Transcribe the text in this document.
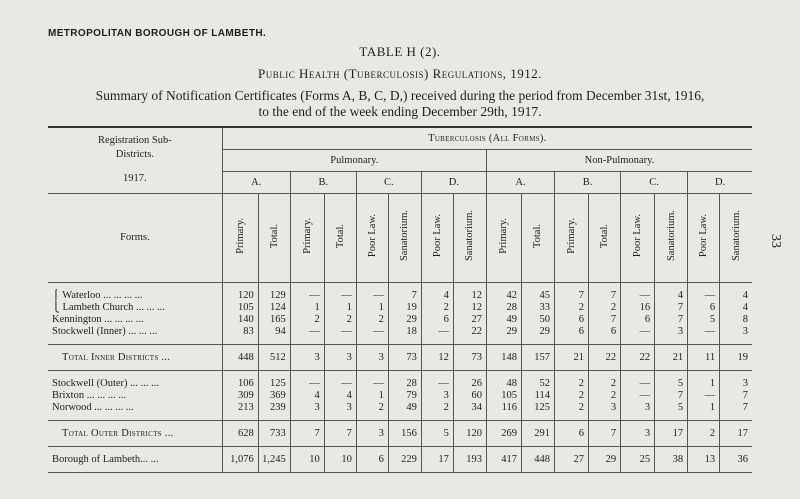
METROPOLITAN BOROUGH OF LAMBETH.
TABLE H (2).
Public Health (Tuberculosis) Regulations, 1912.
Summary of Notification Certificates (Forms A, B, C, D,) received during the period from December 31st, 1916,
to the end of the week ending December 29th, 1917.
33
Registration Sub-Districts.
1917.	Tuberculosis (All Forms).															
	Pulmonary.								Non-Pulmonary.							
	A.		B.		C.		D.		A.		B.		C.		D.	
Forms.	Primary.	Total.	Primary.	Total.	Poor Law.	Sanatorium.	Poor Law.	Sanatorium.	Primary.	Total.	Primary.	Total.	Poor Law.	Sanatorium.	Poor Law.	Sanatorium.

⎧ Waterloo ... ... ... ...	120	129	—	—	—	7	4	12	42	45	7	7	—	4	—	4
⎩ Lambeth Church ... ... ...	105	124	1	1	1	19	2	12	28	33	2	2	16	7	6	4
Kennington ... ... ... ...	140	165	2	2	2	29	6	27	49	50	6	7	6	7	5	8
Stockwell (Inner) ... ... ...	83	94	—	—	—	18	—	22	29	29	6	6	—	3	—	3

Total Inner Districts ...	448	512	3	3	3	73	12	73	148	157	21	22	22	21	11	19

Stockwell (Outer) ... ... ...	106	125	—	—	—	28	—	26	48	52	2	2	—	5	1	3
Brixton ... ... ... ...	309	369	4	4	1	79	3	60	105	114	2	2	—	7	—	7
Norwood ... ... ... ...	213	239	3	3	2	49	2	34	116	125	2	3	3	5	1	7

Total Outer Districts ...	628	733	7	7	3	156	5	120	269	291	6	7	3	17	2	17
Borough of Lambeth... ...	1,076	1,245	10	10	6	229	17	193	417	448	27	29	25	38	13	36
